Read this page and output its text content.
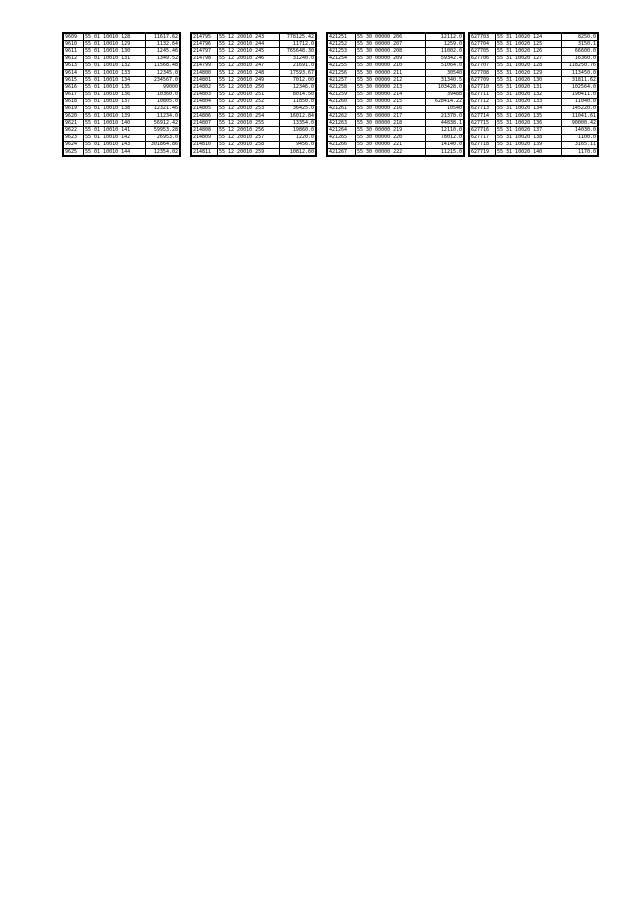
9609	55 01 10010 128	11617.62
9610	55 01 10010 129	1132.64
9611	55 01 10010 130	1245.46
9612	55 01 10010 131	1349.52
9613	55 01 10010 132	11568.48
9614	55 01 10010 133	12345.0
9615	55 01 10010 134	234567.0
9616	55 01 10010 135	99000
9617	55 01 10010 136	10360.0
9618	55 01 10010 137	10805.0
9619	55 01 10010 138	12321.46
9620	55 01 10010 139	11234.0
9621	55 01 10010 140	56912.42
9622	55 01 10010 141	59953.28
9623	55 01 10010 142	26953.0
9624	55 01 10010 143	301864.86
9625	55 01 10010 144	12354.02
214795	55 12 20010 243	778125.42
214796	55 12 20010 244	11712.0
214797	55 12 20010 245	765648.30
214798	55 12 20010 246	31240.0
214799	55 12 20010 247	21691.0
214800	55 12 20010 248	17593.67
214801	55 12 20010 249	7012.00
214802	55 12 20010 250	12346.0
214803	55 12 20010 251	8014.50
214804	55 12 20010 252	11850.0
214805	55 12 20010 253	36425.0
214806	55 12 20010 254	16012.84
214807	55 12 20010 255	13354.0
214808	55 12 20010 256	19860.0
214809	55 12 20010 257	1220.0
214810	55 12 20010 258	9456.0
214811	55 12 20010 259	10812.60
421251	55 30 00000 206	12112.0
421252	55 30 00000 207	1259.0
421253	55 30 00000 208	11002.0
421254	55 30 00000 209	59342.4
421255	55 30 00000 210	51064.0
421256	55 30 00000 211	30540
421257	55 30 00000 212	31340.5
421258	55 30 00000 213	103428.0
421259	55 30 00000 214	39488
421260	55 30 00000 215	628414.22
421261	55 30 00000 216	10540
421262	55 30 00000 217	21370.0
421263	55 30 00000 218	44838.1
421264	55 30 00000 219	12110.0
421265	55 30 00000 220	78012.0
421266	55 30 00000 221	14140.0
421267	55 30 00000 222	11215.0
627703	55 31 10020 124	8250.0
627704	55 31 10020 125	3150.1
627705	55 31 10020 126	66600.0
627706	55 31 10020 127	16360.0
627707	55 31 10020 128	118250.76
627708	55 31 10020 129	113450.0
627709	55 31 10020 130	31811.62
627710	55 31 10020 131	102564.0
627711	55 31 10020 132	190411.0
627712	55 31 10020 133	11040.0
627713	55 31 10020 134	145220.0
627714	55 31 10020 135	11041.61
627715	55 31 10020 136	90000.42
627716	55 31 10020 137	14030.0
627717	55 31 10020 138	1100.0
627718	55 31 10020 139	3165.11
627719	55 31 10020 140	1170.0
